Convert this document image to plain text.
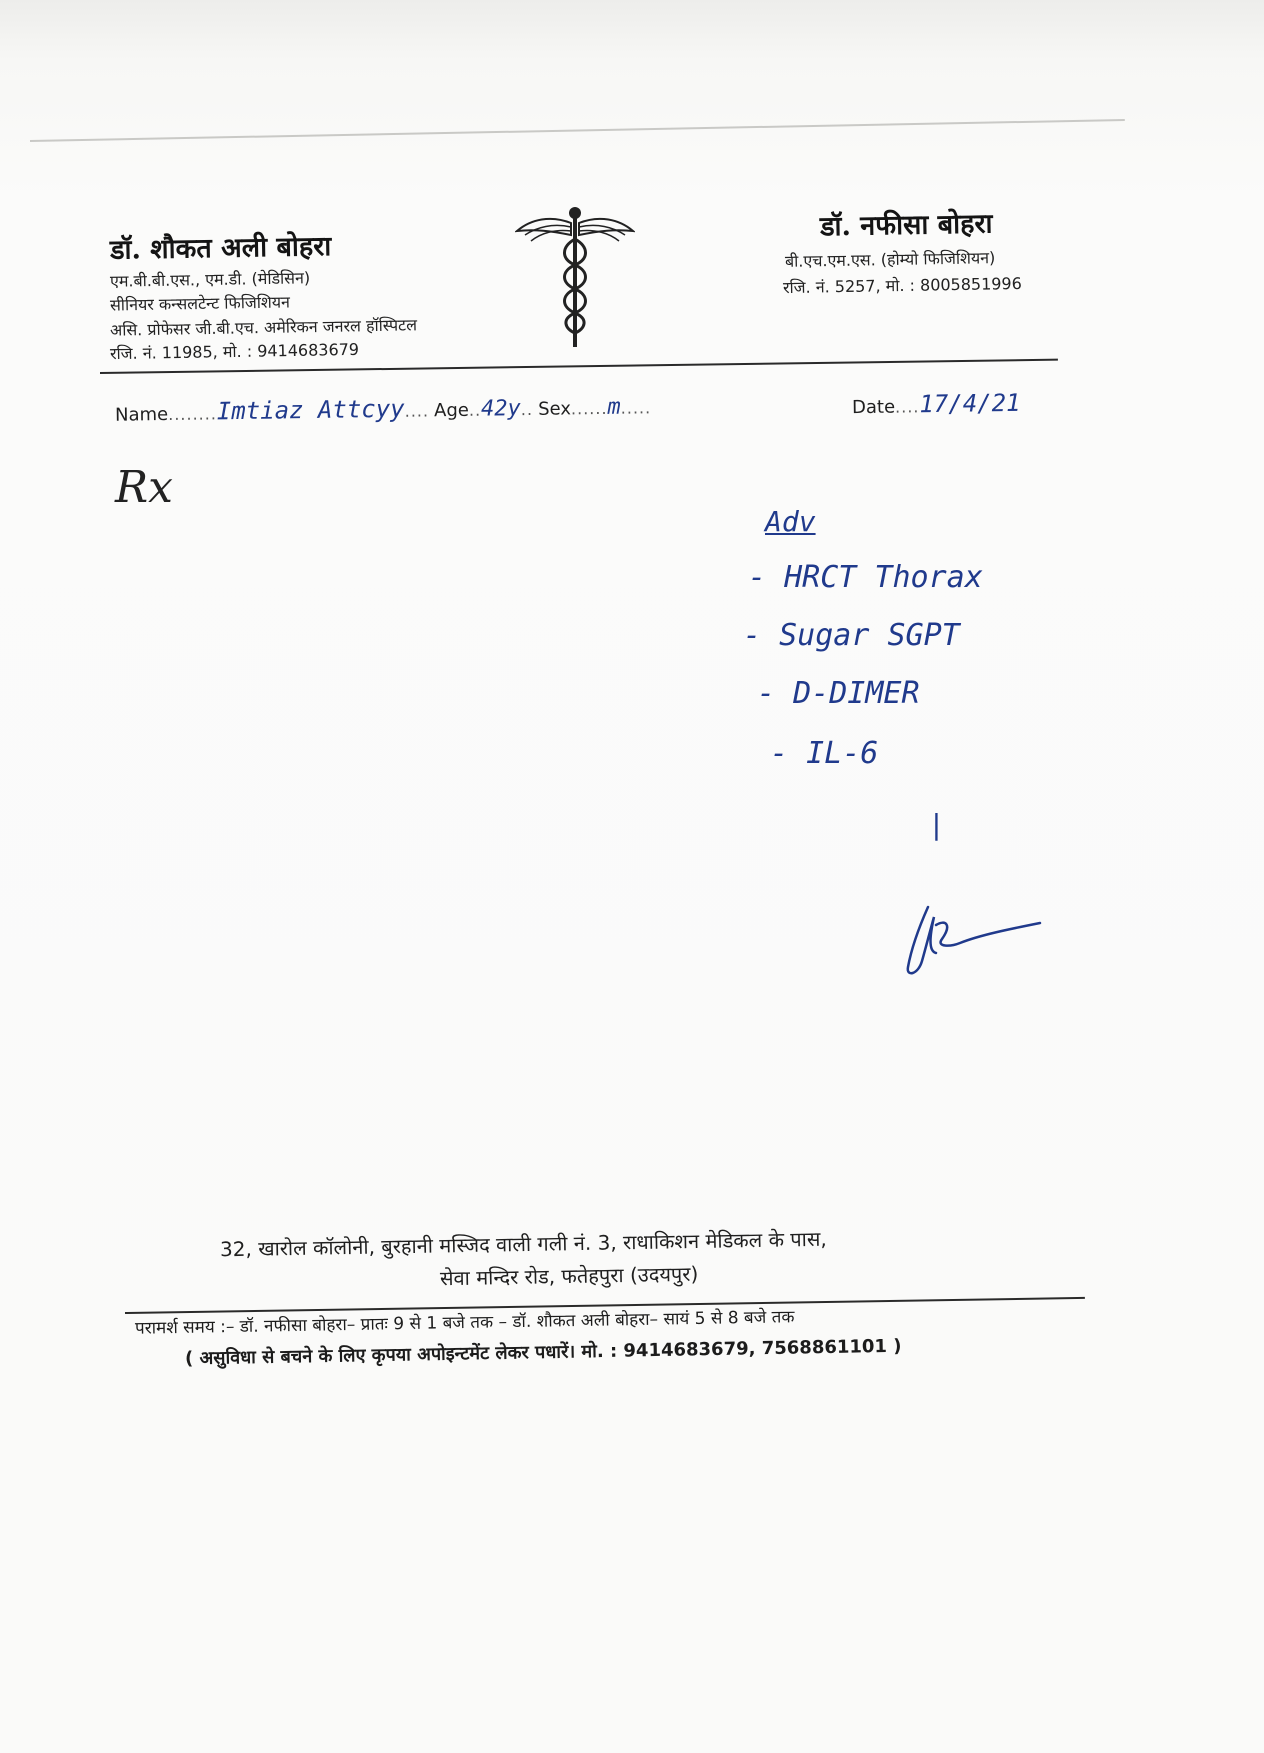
डॉ. शौकत अली बोहरा
एम.बी.बी.एस., एम.डी. (मेडिसिन)
सीनियर कन्सलटेन्ट फिजिशियन
असि. प्रोफेसर जी.बी.एच. अमेरिकन जनरल हॉस्पिटल
रजि. नं. 11985, मो. : 9414683679
डॉ. नफीसा बोहरा
बी.एच.एम.एस. (होम्यो फिजिशियन)
रजि. नं. 5257, मो. : 8005851996
Name........Imtiaz Attcyy.... Age..42y.. Sex......m.....	Date....17/4/21
Rx
Adv
- HRCT Thorax
- Sugar SGPT
- D-DIMER
- IL-6
|
32, खारोल कॉलोनी, बुरहानी मस्जिद वाली गली नं. 3, राधाकिशन मेडिकल के पास,
सेवा मन्दिर रोड, फतेहपुरा (उदयपुर)
परामर्श समय :– डॉ. नफीसा बोहरा– प्रातः 9 से 1 बजे तक – डॉ. शौकत अली बोहरा– सायं 5 से 8 बजे तक
( असुविधा से बचने के लिए कृपया अपोइन्टमेंट लेकर पधारें। मो. : 9414683679, 7568861101 )
